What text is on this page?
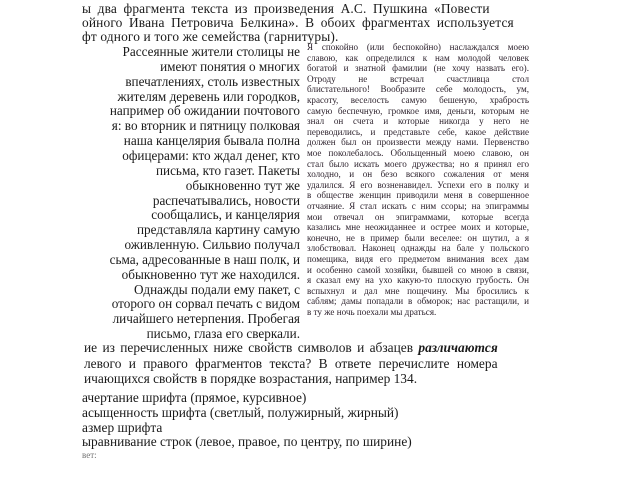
ы два фрагмента текста из произведения А.С. Пушкина «Повести
ойного Ивана Петровича Белкина». В обоих фрагментах используется
фт одного и того же семейства (гарнитуры).
Рассеянные жители столицы не
имеют понятия о многих
впечатлениях, столь известных
жителям деревень или городков,
например об ожидании почтового
я: во вторник и пятницу полковая
наша канцелярия бывала полна
офицерами: кто ждал денег, кто
письма, кто газет. Пакеты
обыкновенно тут же
распечатывались, новости
сообщались, и канцелярия
представляла картину самую
оживленную. Сильвио получал
сьма, адресованные в наш полк, и
обыкновенно тут же находился.
Однажды подали ему пакет, с
оторого он сорвал печать с видом
личайшего нетерпения. Пробегая
письмо, глаза его сверкали.
Я спокойно (или беспокойно) наслаждался моею
славою, как определился к нам молодой человек
богатой и знатной фамилии (не хочу назвать его).
Отроду не встречал счастливца стол
блистательного! Вообразите себе молодость, ум,
красоту, веселость самую бешеную, храбрость
самую беспечную, громкое имя, деньги, которым не
знал он счета и которые никогда у него не
переводились, и представьте себе, какое действие
должен был он произвести между нами. Первенство
мое поколебалось. Обольщенный моею славою, он
стал было искать моего дружества; но я принял его
холодно, и он безо всякого сожаления от меня
удалился. Я его возненавидел. Успехи его в полку и
в обществе женщин приводили меня в совершенное
отчаяние. Я стал искать с ним ссоры; на эпиграммы
мои отвечал он эпиграммами, которые всегда
казались мне неожиданнее и острее моих и которые,
конечно, не в пример были веселее: он шутил, а я
злобствовал. Наконец однажды на бале у польского
помещика, видя его предметом внимания всех дам
и особенно самой хозяйки, бывшей со мною в связи,
я сказал ему на ухо какую-то плоскую грубость. Он
вспыхнул и дал мне пощечину. Мы бросились к
саблям; дамы попадали в обморок; нас растащили, и
в ту же ночь поехали мы драться.
ие из перечисленных ниже свойств символов и абзацев различаются
левого и правого фрагментов текста? В ответе перечислите номера
ичающихся свойств в порядке возрастания, например 134.
ачертание шрифта (прямое, курсивное)
асыщенность шрифта (светлый, полужирный, жирный)
азмер шрифта
ыравнивание строк (левое, правое, по центру, по ширине)
вет:
